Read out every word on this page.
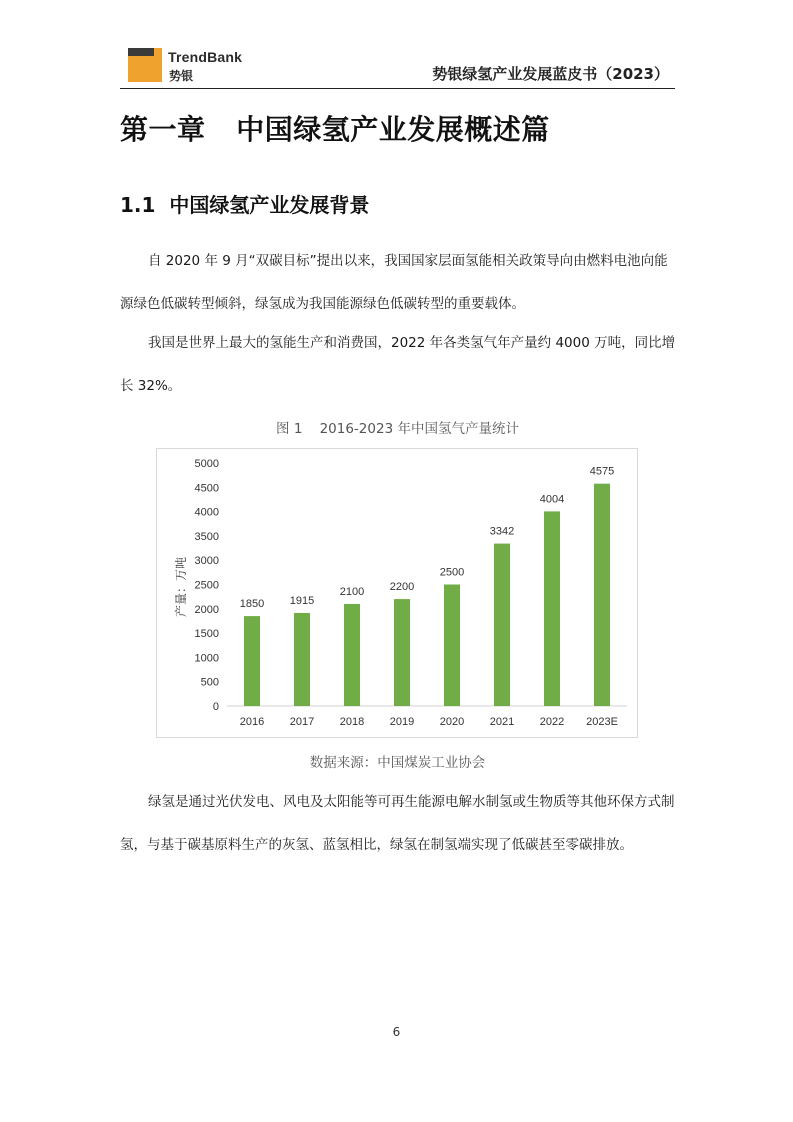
TrendBank
势银	势银绿氢产业发展蓝皮书（2023）
第一章   中国绿氢产业发展概述篇
1.1  中国绿氢产业发展背景

自 2020 年 9 月“双碳目标”提出以来，我国国家层面氢能相关政策导向由燃料电池向能源绿色低碳转型倾斜，绿氢成为我国能源绿色低碳转型的重要载体。

我国是世界上最大的氢能生产和消费国，2022 年各类氢气年产量约 4000 万吨，同比增长 32%。

图 1    2016-2023 年中国氢气产量统计
产量：万吨
0
500
1000
1500
2000
2500
3000
3500
4000
4500
5000
1850
2016
1915
2017
2100
2018
2200
2019
2500
2020
3342
2021
4004
2022
4575
2023E
数据来源：中国煤炭工业协会

绿氢是通过光伏发电、风电及太阳能等可再生能源电解水制氢或生物质等其他环保方式制氢，与基于碳基原料生产的灰氢、蓝氢相比，绿氢在制氢端实现了低碳甚至零碳排放。

6
